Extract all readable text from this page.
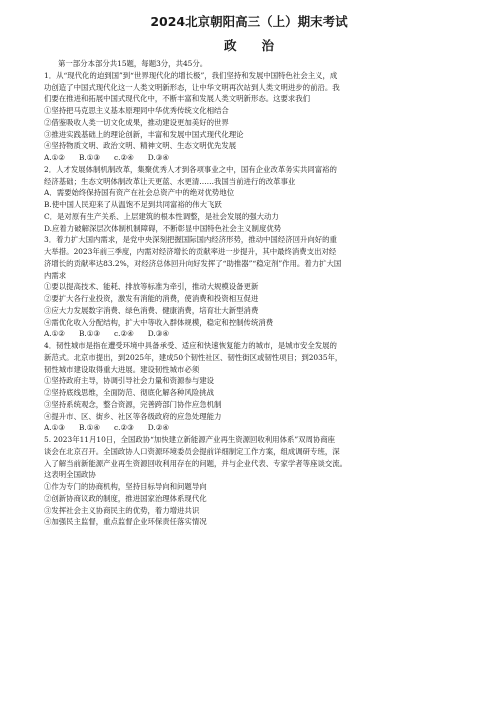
2024北京朝阳高三（上）期末考试
政　　治
第一部分本部分共15题，每题3分，共45分。
1．从“现代化的迫到国”到“世界现代化的增长极”，我们坚持和发展中国特色社会主义，成
功创造了中国式现代化这一人类文明新形态，让中华文明再次站到人类文明进步的前沿。我
们要在推进和拓展中国式现代化中，不断丰富和发展人类文明新形态。这要求我们
①坚持把马克思主义基本原理同中华优秀传统文化相结合
②借鉴吸收人类一切文化成果，推动建设更加美好的世界
③推进实践基础上的理论创新，丰富和发展中国式现代化理论
④坚持物质文明、政治文明、精神文明、生态文明优先发展
A.①② B.①③ c.②④ D.③④
2．人才发展体制机制改革，集聚优秀人才到各项事业之中，国有企业改革务实共同富裕的
经济基础；生态文明体制改革让天更蓝、水更清……我国当前进行的改革事业
A．需要始终保持国有资产在社会总资产中的绝对优势地位
B.使中国人民迎来了从温饱不足到共同富裕的伟大飞跃
C．是对原有生产关系、上层建筑的根本性调整，是社会发展的强大动力
D.应着力破解深层次体制机制障碍，不断彰显中国特色社会主义制度优势
3．着力扩大国内需求，是党中央深刻把握国际国内经济形势，推动中国经济回升向好的重
大举措。2023年前三季度，内需对经济增长的贡献率进一步提升，其中最终消费支出对经
济增长的贡献率达83.2%，对经济总体回升向好发挥了“助推器”“稳定剂”作用。着力扩大国
内需求
①要以提高技术、能耗、排放等标准为牵引，推动大规模设备更新
②要扩大各行业投资，激发有消能的消费，使消费和投资相互促进
③应大力发展数字消费、绿色消费、健康消费，培育壮大新型消费
④需优化收入分配结构，扩大中等收入群体规模，稳定和控制传统消费
A.①② B.①③ c.②④ D.③④
4．韧性城市是指在遭受环境中具备承受、适应和快速恢复能力的城市，是城市安全发展的
新范式。北京市提出，到2025年，建成50个韧性社区、韧性街区或韧性项目；到2035年，
韧性城市建设取得重大进展。建设韧性城市必须
①坚持政府主导，协调引导社会力量和资源参与建设
②坚持底线思维，全面防范、彻底化解各种风险挑战
③坚持系统观念，整合资源，完善跨部门协作应急机制
④提升市、区、街乡、社区等各级政府的应急处理能力
A.①③ B.①④ c.②③ D.②④
5. 2023年11月10日，全国政协“加快建立新能源产业再生资源回收利用体系”双周协商座
谈会在北京召开。全国政协人口资源环境委员会提前详细制定工作方案，组成调研专班，深
入了解当前新能源产业再生资源回收利用存在的问题，并与企业代表、专家学者等座谈交流。
这表明全国政协
①作为专门的协商机构，坚持目标导向和问题导向
②创新协商议政的制度，推进国家治理体系现代化
③发挥社会主义协商民主的优势，着力增进共识
④加强民主监督，重点监督企业环保责任落实情况
